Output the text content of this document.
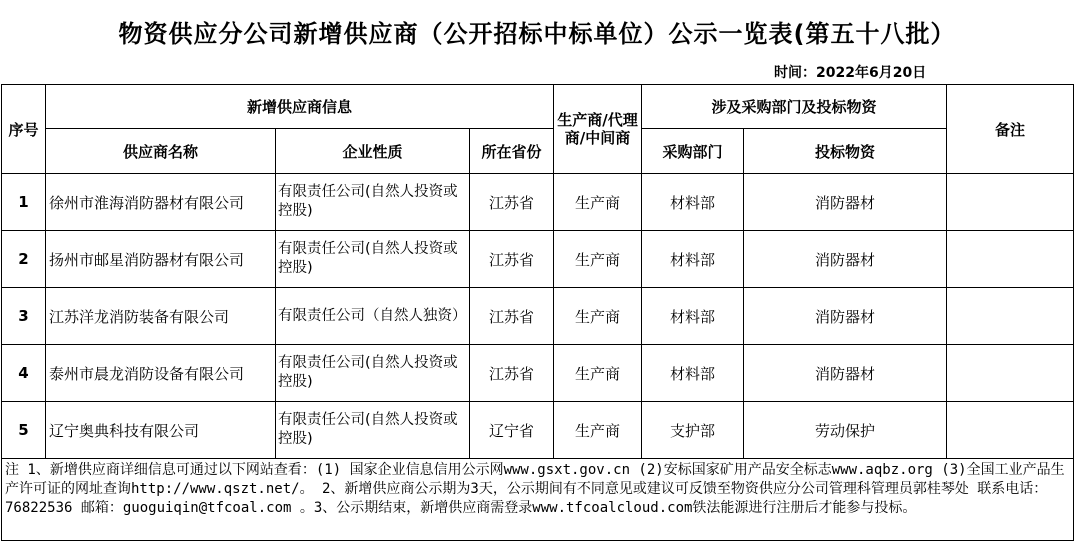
物资供应分公司新增供应商（公开招标中标单位）公示一览表(第五十八批）
时间：2022年6月20日
序号	新增供应商信息			生产商/代理商/中间商	涉及采购部门及投标物资		备注
	供应商名称	企业性质	所在省份		采购部门	投标物资	
1	徐州市淮海消防器材有限公司	有限责任公司(自然人投资或控股)	江苏省	生产商	材料部	消防器材	
2	扬州市邮星消防器材有限公司	有限责任公司(自然人投资或控股)	江苏省	生产商	材料部	消防器材	
3	江苏洋龙消防装备有限公司	有限责任公司（自然人独资）	江苏省	生产商	材料部	消防器材	
4	泰州市晨龙消防设备有限公司	有限责任公司(自然人投资或控股)	江苏省	生产商	材料部	消防器材	
5	辽宁奥典科技有限公司	有限责任公司(自然人投资或控股)	辽宁省	生产商	支护部	劳动保护	
注 1、新增供应商详细信息可通过以下网站查看：(1) 国家企业信息信用公示网www.gsxt.gov.cn (2)安标国家矿用产品安全标志www.aqbz.org (3)全国工业产品生产许可证的网址查询http://www.qszt.net/。 2、新增供应商公示期为3天，公示期间有不同意见或建议可反馈至物资供应分公司管理科管理员郭桂琴处 联系电话：76822536 邮箱：guoguiqin@tfcoal.com 。3、公示期结束，新增供应商需登录www.tfcoalcloud.com铁法能源进行注册后才能参与投标。							
